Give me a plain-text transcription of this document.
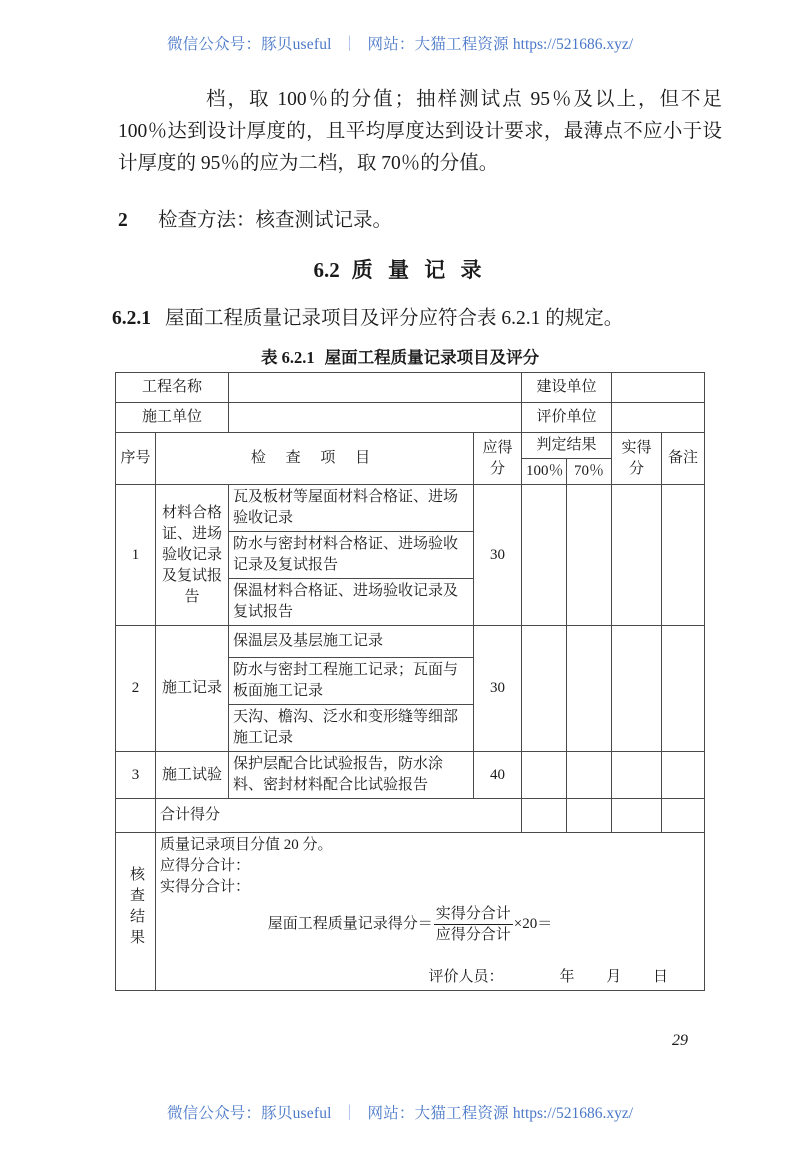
微信公众号：豚贝useful ｜ 网站：大猫工程资源 https://521686.xyz/
档，取 100％的分值；抽样测试点 95％及以上，但不足 100％达到设计厚度的，且平均厚度达到设计要求，最薄点不应小于设计厚度的 95％的应为二档，取 70％的分值。
2 检查方法：核查测试记录。
6.2 质 量 记 录
6.2.1 屋面工程质量记录项目及评分应符合表 6.2.1 的规定。
表 6.2.1 屋面工程质量记录项目及评分
工程名称				建设单位			
施工单位				评价单位			
序号	检 查 项 目		应得分	判定结果		实得分	备注
				100％	70％		
1	材料合格证、进场验收记录及复试报告	瓦及板材等屋面材料合格证、进场验收记录	30				
		防水与密封材料合格证、进场验收记录及复试报告					
		保温材料合格证、进场验收记录及复试报告					
2	施工记录	保温层及基层施工记录	30				
		防水与密封工程施工记录；瓦面与板面施工记录					
		天沟、檐沟、泛水和变形缝等细部施工记录					
3	施工试验	保护层配合比试验报告，防水涂料、密封材料配合比试验报告	40				
	合计得分						
核查结果	
质量记录项目分值 20 分。
应得分合计：
实得分合计：
屋面工程质量记录得分＝ $\frac{\text{实得分合计}}{\text{应得分合计}} \times 20=$
评价人员：	年 月 日
29
微信公众号：豚贝useful ｜ 网站：大猫工程资源 https://521686.xyz/
